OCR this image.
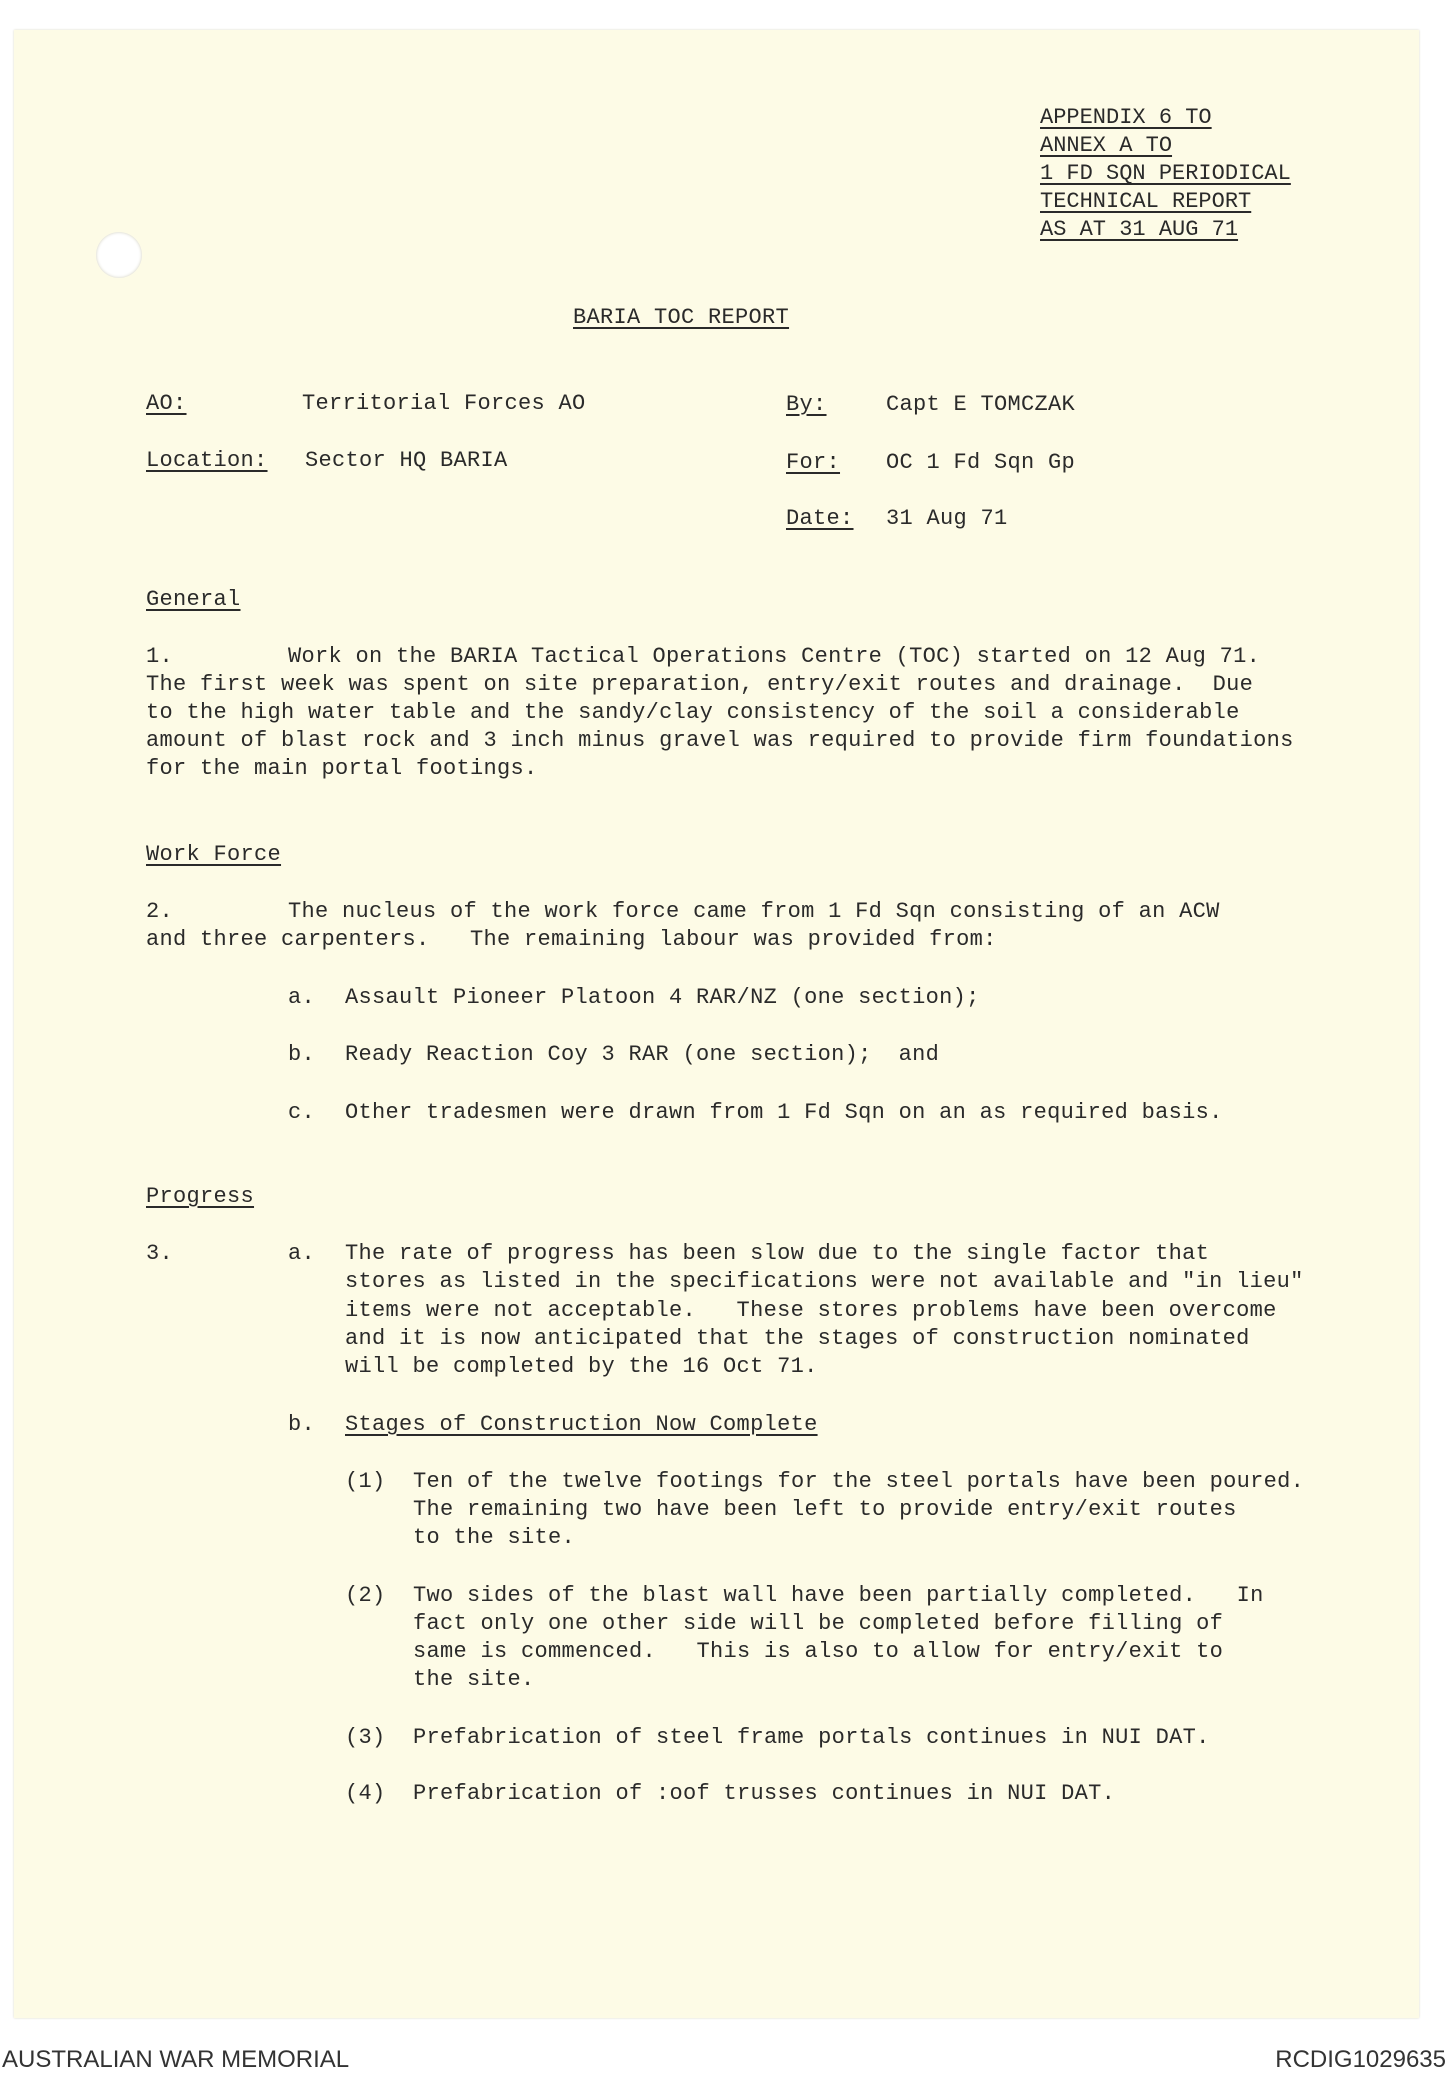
APPENDIX 6 TO
ANNEX A TO
1 FD SQN PERIODICAL
TECHNICAL REPORT
AS AT 31 AUG 71
BARIA TOC REPORT
AO:	Territorial Forces AO
Location: Sector HQ BARIA
By:	Capt E TOMCZAK
For: OC 1 Fd Sqn Gp
Date: 31 Aug 71
General
1.	Work on the BARIA Tactical Operations Centre (TOC) started on 12 Aug 71.
The first week was spent on site preparation, entry/exit routes and drainage.  Due
to the high water table and the sandy/clay consistency of the soil a considerable
amount of blast rock and 3 inch minus gravel was required to provide firm foundations
for the main portal footings.
Work Force
2.	The nucleus of the work force came from 1 Fd Sqn consisting of an ACW
and three carpenters.   The remaining labour was provided from:
a. Assault Pioneer Platoon 4 RAR/NZ (one section);
b. Ready Reaction Coy 3 RAR (one section);  and
c. Other tradesmen were drawn from 1 Fd Sqn on an as required basis.
Progress
3.	a. The rate of progress has been slow due to the single factor that
stores as listed in the specifications were not available and "in lieu"
items were not acceptable.   These stores problems have been overcome
and it is now anticipated that the stages of construction nominated
will be completed by the 16 Oct 71.
b. Stages of Construction Now Complete
(1) Ten of the twelve footings for the steel portals have been poured.
The remaining two have been left to provide entry/exit routes
to the site.
(2) Two sides of the blast wall have been partially completed.   In
fact only one other side will be completed before filling of
same is commenced.   This is also to allow for entry/exit to
the site.
(3) Prefabrication of steel frame portals continues in NUI DAT.
(4) Prefabrication of :oof trusses continues in NUI DAT.
AUSTRALIAN WAR MEMORIAL	RCDIG1029635
